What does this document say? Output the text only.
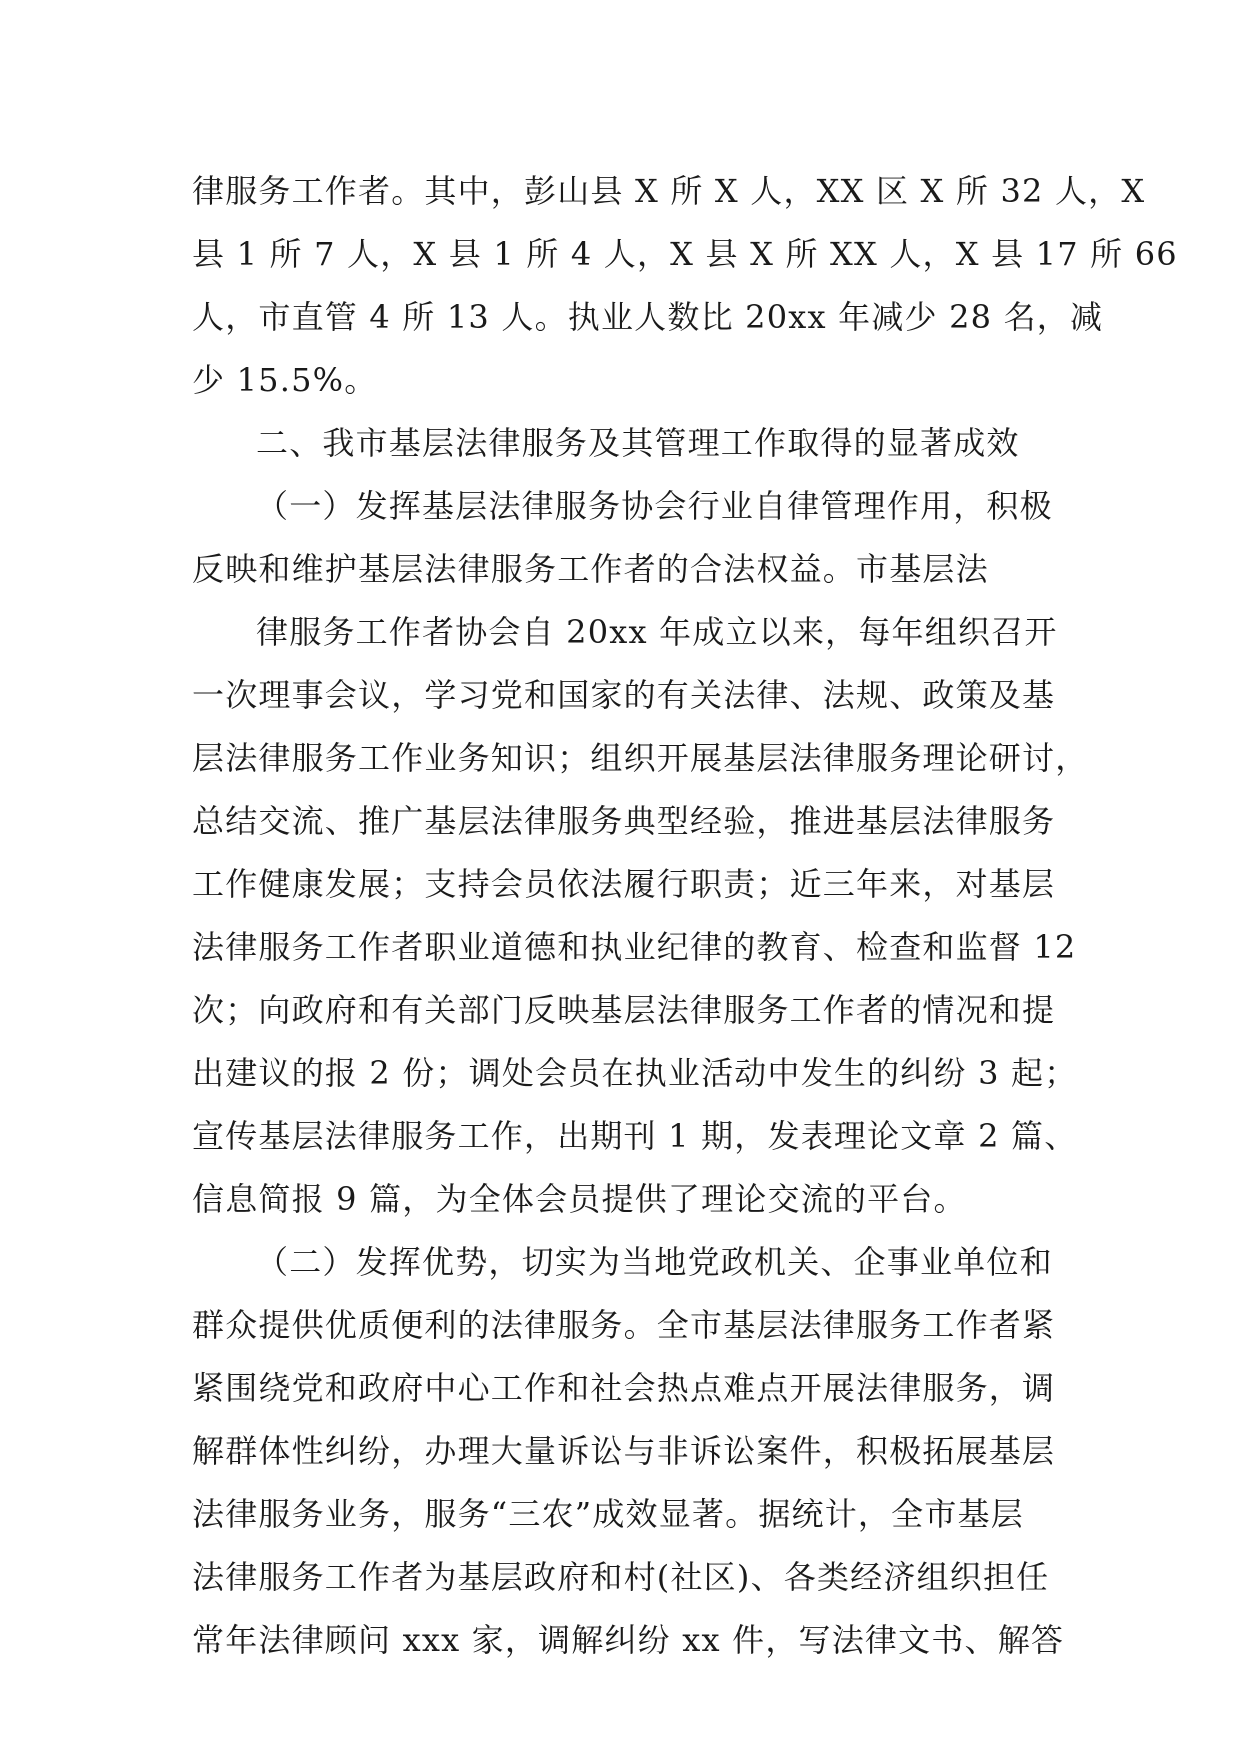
律服务工作者。其中，彭山县 X 所 X 人，XX 区 X 所 32 人，X
县 1 所 7 人，X 县 1 所 4 人，X 县 X 所 XX 人，X 县 17 所 66
人，市直管 4 所 13 人。执业人数比 20xx 年减少 28 名，减
少 15.5%。
二、我市基层法律服务及其管理工作取得的显著成效
（一）发挥基层法律服务协会行业自律管理作用，积极
反映和维护基层法律服务工作者的合法权益。市基层法
律服务工作者协会自 20xx 年成立以来，每年组织召开
一次理事会议，学习党和国家的有关法律、法规、政策及基
层法律服务工作业务知识；组织开展基层法律服务理论研讨，
总结交流、推广基层法律服务典型经验，推进基层法律服务
工作健康发展；支持会员依法履行职责；近三年来，对基层
法律服务工作者职业道德和执业纪律的教育、检查和监督 12
次；向政府和有关部门反映基层法律服务工作者的情况和提
出建议的报 2 份；调处会员在执业活动中发生的纠纷 3 起；
宣传基层法律服务工作，出期刊 1 期，发表理论文章 2 篇、
信息简报 9 篇，为全体会员提供了理论交流的平台。
（二）发挥优势，切实为当地党政机关、企事业单位和
群众提供优质便利的法律服务。全市基层法律服务工作者紧
紧围绕党和政府中心工作和社会热点难点开展法律服务，调
解群体性纠纷，办理大量诉讼与非诉讼案件，积极拓展基层
法律服务业务，服务“三农”成效显著。据统计，全市基层
法律服务工作者为基层政府和村(社区)、各类经济组织担任
常年法律顾问 xxx 家，调解纠纷 xx 件，写法律文书、解答
